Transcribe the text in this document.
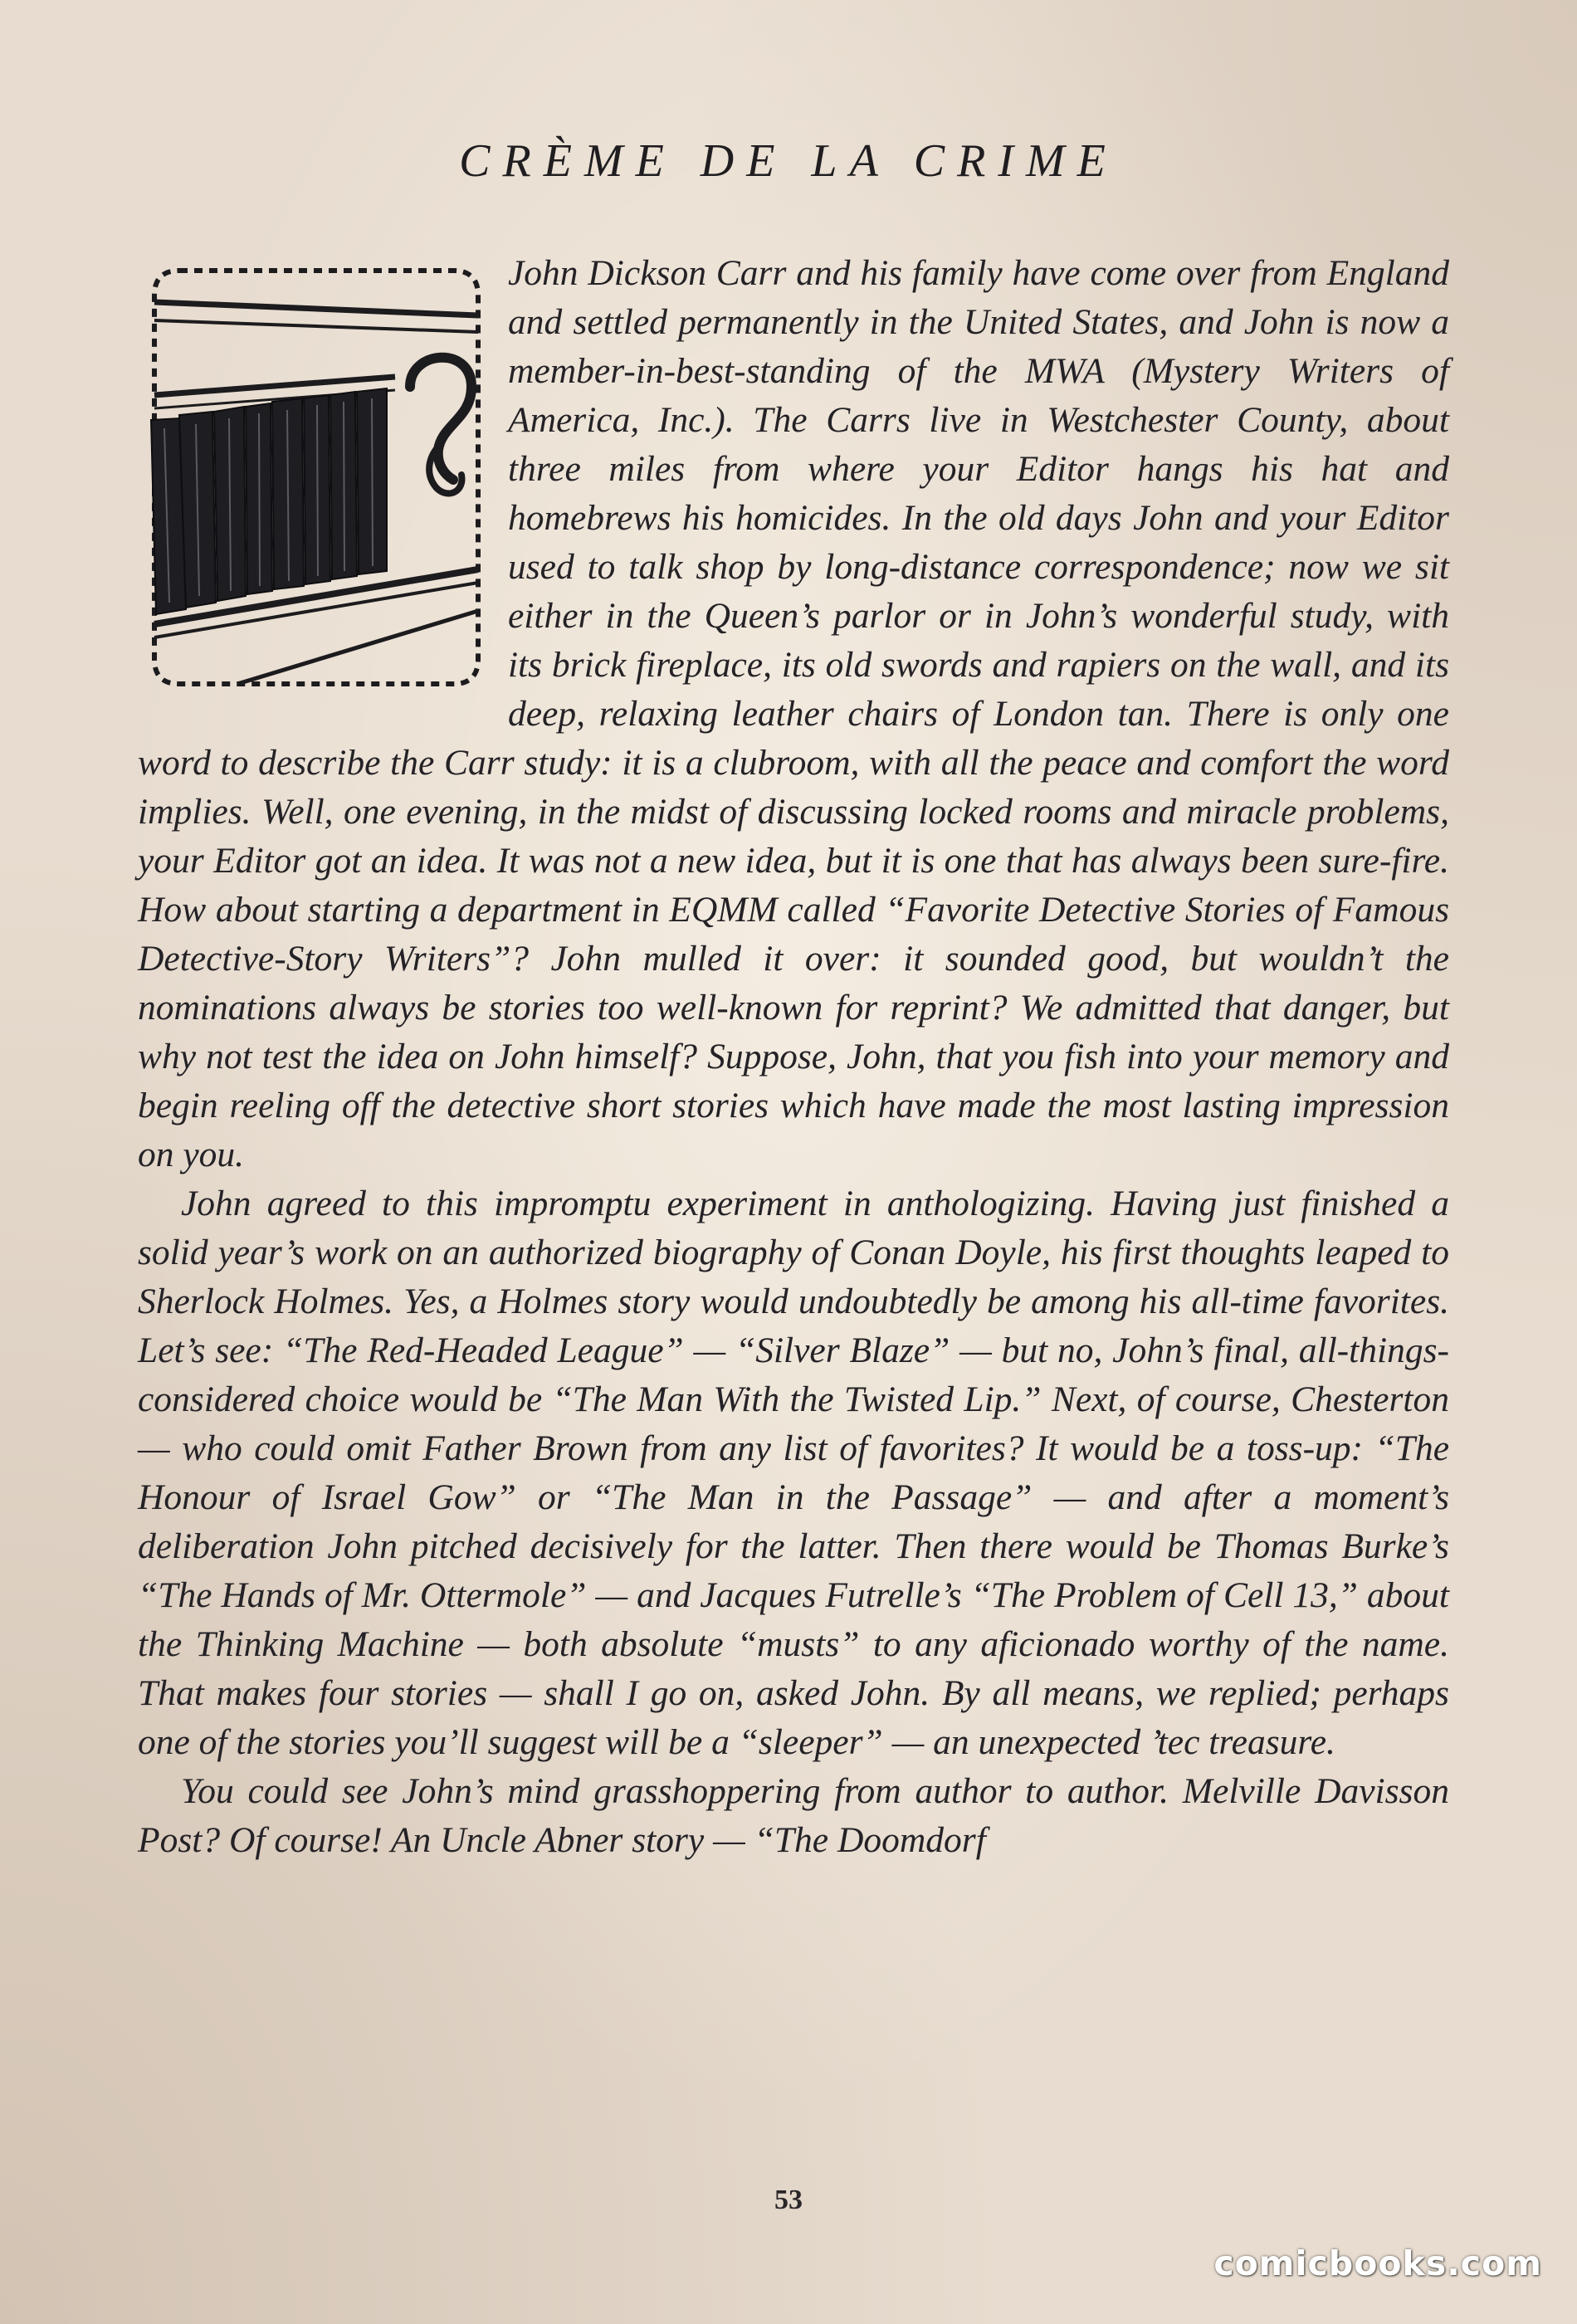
CRÈME DE LA CRIME

John Dickson Carr and his family have come over from England and settled permanently in the United States, and John is now a member-in-best-standing of the MWA (Mystery Writers of America, Inc.). The Carrs live in Westchester County, about three miles from where your Editor hangs his hat and homebrews his homicides. In the old days John and your Editor used to talk shop by long-distance correspondence; now we sit either in the Queen’s parlor or in John’s wonderful study, with its brick fireplace, its old swords and rapiers on the wall, and its deep, relaxing leather chairs of London tan. There is only one word to describe the Carr study: it is a clubroom, with all the peace and comfort the word implies. Well, one evening, in the midst of discussing locked rooms and miracle problems, your Editor got an idea. It was not a new idea, but it is one that has always been sure-fire. How about starting a department in EQMM called “Favorite Detective Stories of Famous Detective-Story Writers”? John mulled it over: it sounded good, but wouldn’t the nominations always be stories too well-known for reprint? We admitted that danger, but why not test the idea on John himself? Suppose, John, that you fish into your memory and begin reeling off the detective short stories which have made the most lasting impression on you.

John agreed to this impromptu experiment in anthologizing. Having just finished a solid year’s work on an authorized biography of Conan Doyle, his first thoughts leaped to Sherlock Holmes. Yes, a Holmes story would undoubtedly be among his all-time favorites. Let’s see: “The Red-Headed League” — “Silver Blaze” — but no, John’s final, all-things-considered choice would be “The Man With the Twisted Lip.” Next, of course, Chesterton — who could omit Father Brown from any list of favorites? It would be a toss-up: “The Honour of Israel Gow” or “The Man in the Passage” — and after a moment’s deliberation John pitched decisively for the latter. Then there would be Thomas Burke’s “The Hands of Mr. Ottermole” — and Jacques Futrelle’s “The Problem of Cell 13,” about the Thinking Machine — both absolute “musts” to any aficionado worthy of the name. That makes four stories — shall I go on, asked John. By all means, we replied; perhaps one of the stories you’ll suggest will be a “sleeper” — an unexpected ’tec treasure.

You could see John’s mind grasshoppering from author to author. Melville Davisson Post? Of course! An Uncle Abner story — “The Doomdorf

53
comicbooks.com
